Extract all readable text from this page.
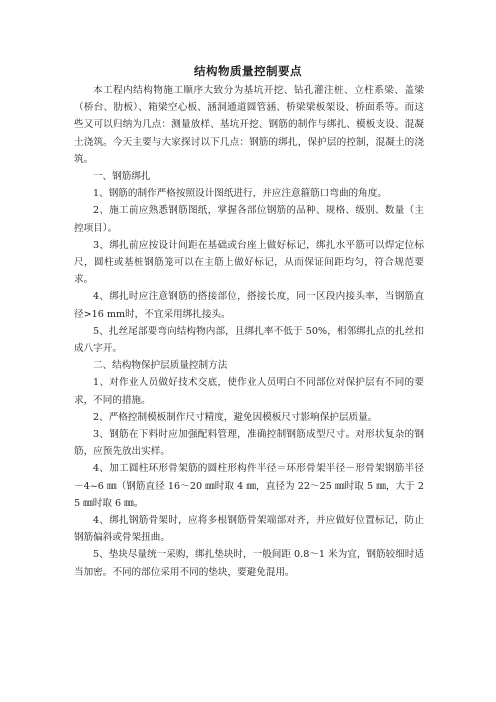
结构物质量控制要点

本工程内结构物施工顺序大致分为基坑开挖、钻孔灌注桩、立柱系梁、盖梁（桥台、肋板）、箱梁空心板、涵洞通道圆管涵、桥梁梁板架设、桥面系等。而这些又可以归纳为几点：测量放样、基坑开挖、钢筋的制作与绑扎、模板支设、混凝土浇筑。今天主要与大家探讨以下几点：钢筋的绑扎，保护层的控制，混凝土的浇筑。

一、钢筋绑扎

1、钢筋的制作严格按照设计图纸进行，并应注意箍筋口弯曲的角度。

2、施工前应熟悉钢筋图纸，掌握各部位钢筋的品种、规格、级别、数量（主控项目）。

3、绑扎前应按设计间距在基础或台座上做好标记，绑扎水平筋可以焊定位标尺，圆柱或基桩钢筋笼可以在主筋上做好标记，从而保证间距均匀，符合规范要求。

4、绑扎时应注意钢筋的搭接部位，搭接长度，同一区段内接头率，当钢筋直径>16 mm时，不宜采用绑扎接头。

5、扎丝尾部要弯向结构物内部，且绑扎率不低于 50%，相邻绑扎点的扎丝扣成八字开。

二、结构物保护层质量控制方法

1、对作业人员做好技术交底，使作业人员明白不同部位对保护层有不同的要求，不同的措施。

2、严格控制模板制作尺寸精度，避免因模板尺寸影响保护层质量。

3、钢筋在下料时应加强配料管理，准确控制钢筋成型尺寸。对形状复杂的钢筋，应预先放出实样。

4、加工圆柱环形骨架筋的圆柱形构件半径＝环形骨架半径－形骨架钢筋半径－4~6 ㎜（钢筋直径 16～20 ㎜时取 4 ㎜，直径为 22～25 ㎜时取 5 ㎜，大于 25 ㎜时取 6 ㎜。

4、绑扎钢筋骨架时，应将多根钢筋骨架端部对齐，并应做好位置标记，防止钢筋偏斜或骨架扭曲。

5、垫块尽量统一采购，绑扎垫块时，一般间距 0.8～1 米为宜，钢筋较细时适当加密。不同的部位采用不同的垫块，要避免混用。
